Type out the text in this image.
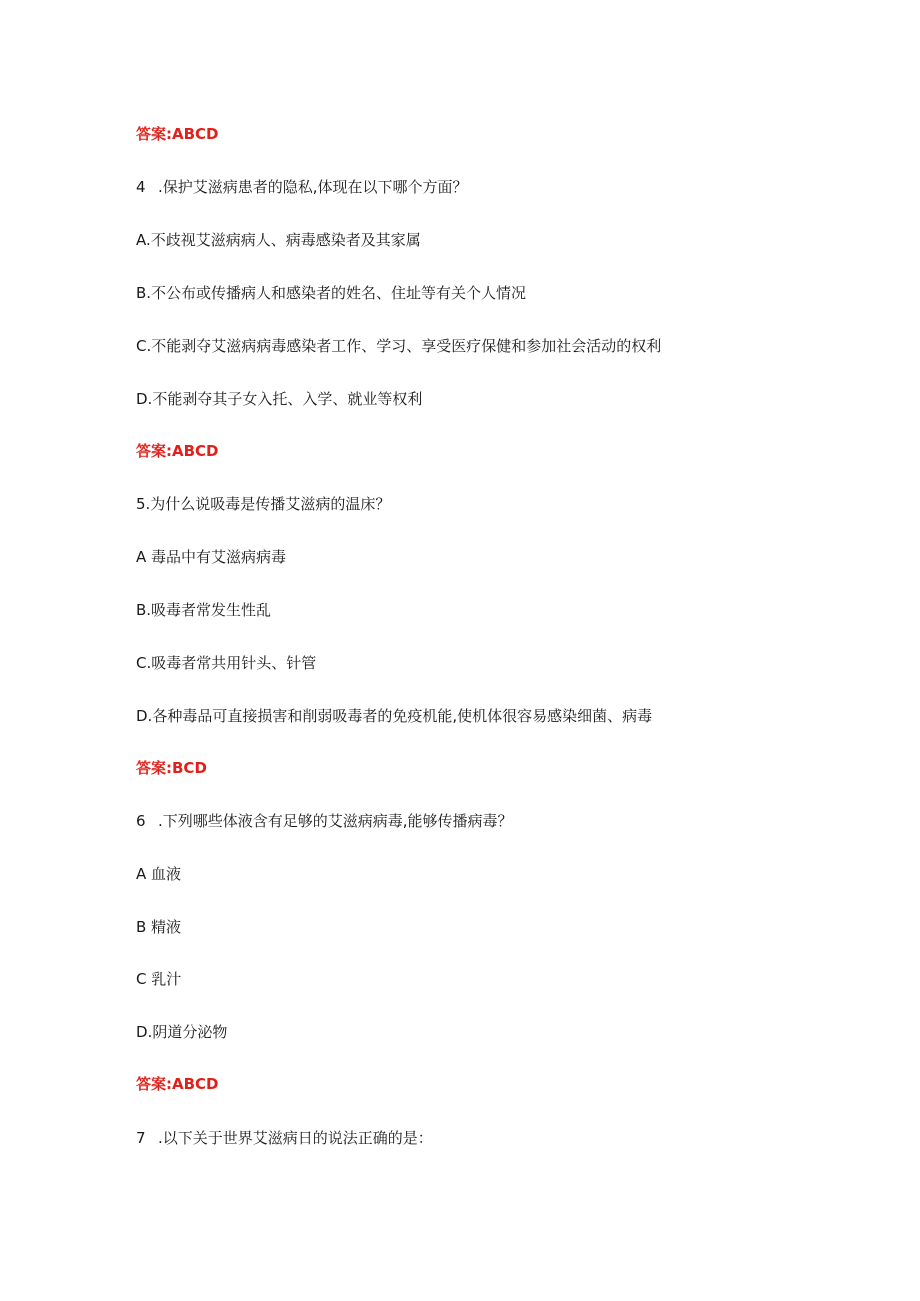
答案:ABCD
4 .保护艾滋病患者的隐私,体现在以下哪个方面？
A.不歧视艾滋病病人、病毒感染者及其家属
B.不公布或传播病人和感染者的姓名、住址等有关个人情况
C.不能剥夺艾滋病病毒感染者工作、学习、享受医疗保健和参加社会活动的权利
D.不能剥夺其子女入托、入学、就业等权利
答案:ABCD
5.为什么说吸毒是传播艾滋病的温床？
A 毒品中有艾滋病病毒
B.吸毒者常发生性乱
C.吸毒者常共用针头、针管
D.各种毒品可直接损害和削弱吸毒者的免疫机能,使机体很容易感染细菌、病毒
答案:BCD
6 .下列哪些体液含有足够的艾滋病病毒,能够传播病毒？
A 血液
B 精液
C 乳汁
D.阴道分泌物
答案:ABCD
7 .以下关于世界艾滋病日的说法正确的是：
